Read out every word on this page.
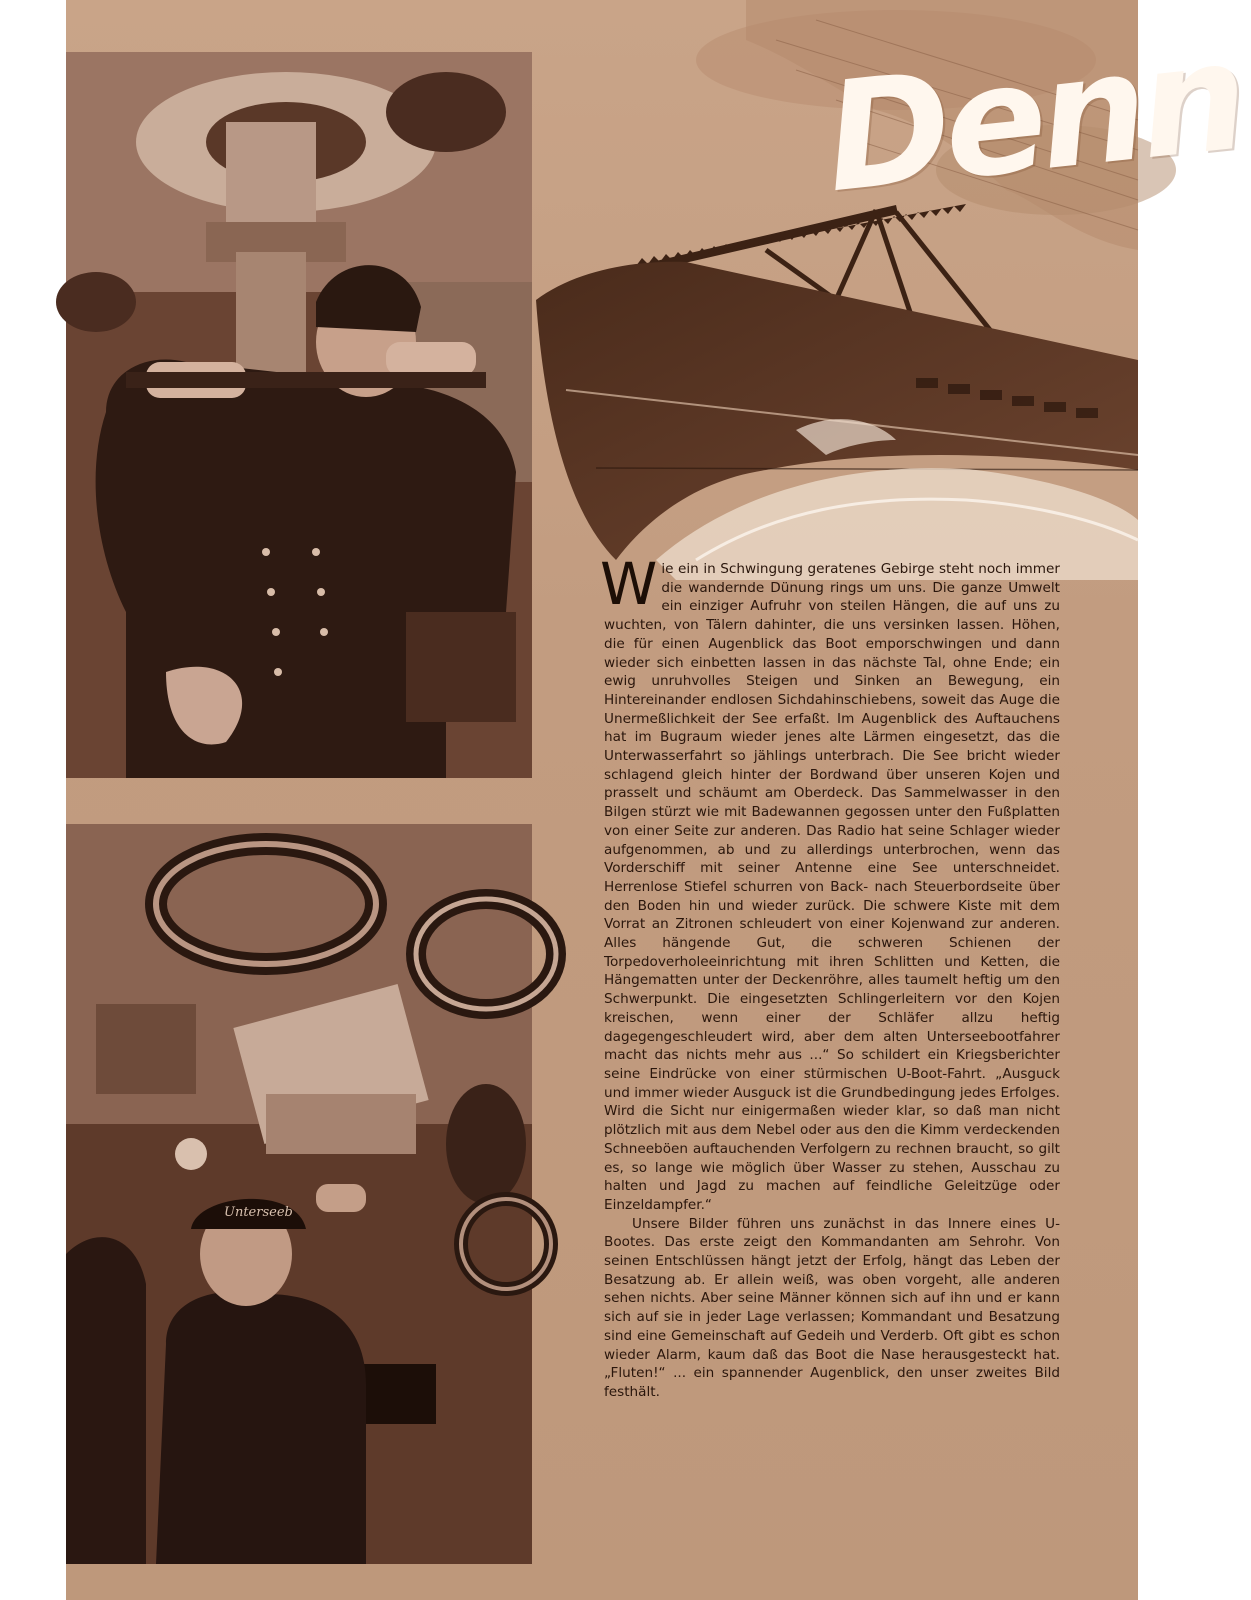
Denn
Unterseeb

Wie ein in Schwingung geratenes Gebirge steht noch immer die wandernde Dünung rings um uns. Die ganze Umwelt ein einziger Aufruhr von steilen Hängen, die auf uns zu wuchten, von Tälern dahinter, die uns versinken lassen. Höhen, die für einen Augenblick das Boot emporschwingen und dann wieder sich einbetten lassen in das nächste Tal, ohne Ende; ein ewig unruhvolles Steigen und Sinken an Bewegung, ein Hintereinander endlosen Sichdahinschiebens, soweit das Auge die Unermeßlichkeit der See erfaßt. Im Augenblick des Auftauchens hat im Bugraum wieder jenes alte Lärmen eingesetzt, das die Unterwasserfahrt so jählings unterbrach. Die See bricht wieder schlagend gleich hinter der Bordwand über unseren Kojen und prasselt und schäumt am Oberdeck. Das Sammelwasser in den Bilgen stürzt wie mit Badewannen gegossen unter den Fußplatten von einer Seite zur anderen. Das Radio hat seine Schlager wieder aufgenommen, ab und zu allerdings unterbrochen, wenn das Vorderschiff mit seiner Antenne eine See unterschneidet. Herrenlose Stiefel schurren von Back- nach Steuerbordseite über den Boden hin und wieder zurück. Die schwere Kiste mit dem Vorrat an Zitronen schleudert von einer Kojenwand zur anderen. Alles hängende Gut, die schweren Schienen der Torpedoverholeeinrichtung mit ihren Schlitten und Ketten, die Hängematten unter der Deckenröhre, alles taumelt heftig um den Schwerpunkt. Die eingesetzten Schlingerleitern vor den Kojen kreischen, wenn einer der Schläfer allzu heftig dagegengeschleudert wird, aber dem alten Unterseebootfahrer macht das nichts mehr aus ...“ So schildert ein Kriegsberichter seine Eindrücke von einer stürmischen U-Boot-Fahrt. „Ausguck und immer wieder Ausguck ist die Grundbedingung jedes Erfolges. Wird die Sicht nur einigermaßen wieder klar, so daß man nicht plötzlich mit aus dem Nebel oder aus den die Kimm verdeckenden Schneeböen auftauchenden Verfolgern zu rechnen braucht, so gilt es, so lange wie möglich über Wasser zu stehen, Ausschau zu halten und Jagd zu machen auf feindliche Geleitzüge oder Einzeldampfer.“

Unsere Bilder führen uns zunächst in das Innere eines U-Bootes. Das erste zeigt den Kommandanten am Sehrohr. Von seinen Entschlüssen hängt jetzt der Erfolg, hängt das Leben der Besatzung ab. Er allein weiß, was oben vorgeht, alle anderen sehen nichts. Aber seine Männer können sich auf ihn und er kann sich auf sie in jeder Lage verlassen; Kommandant und Besatzung sind eine Gemeinschaft auf Gedeih und Verderb. Oft gibt es schon wieder Alarm, kaum daß das Boot die Nase herausgesteckt hat. „Fluten!“ ... ein spannender Augenblick, den unser zweites Bild festhält.
